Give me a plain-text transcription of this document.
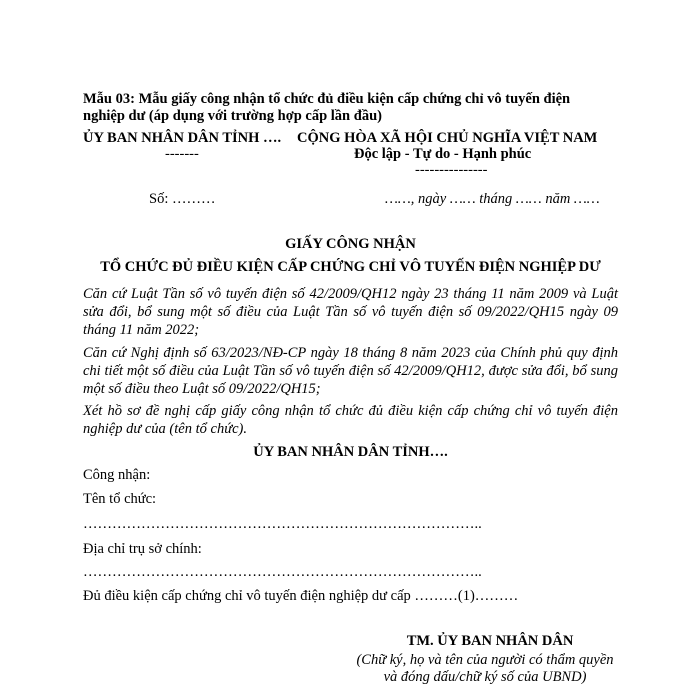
Mẫu 03: Mẫu giấy công nhận tổ chức đủ điều kiện cấp chứng chỉ vô tuyến điện
nghiệp dư (áp dụng với trường hợp cấp lần đầu)
ỦY BAN NHÂN DÂN TỈNH ….
-------
CỘNG HÒA XÃ HỘI CHỦ NGHĨA VIỆT NAM
Độc lập - Tự do - Hạnh phúc
---------------
Số: ………	……, ngày …… tháng …… năm ……
GIẤY CÔNG NHẬN
TỔ CHỨC ĐỦ ĐIỀU KIỆN CẤP CHỨNG CHỈ VÔ TUYẾN ĐIỆN NGHIỆP DƯ
Căn cứ Luật Tần số vô tuyến điện số 42/2009/QH12 ngày 23 tháng 11 năm 2009 và Luật sửa đổi, bổ sung một số điều của Luật Tần số vô tuyến điện số 09/2022/QH15 ngày 09 tháng 11 năm 2022;
Căn cứ Nghị định số 63/2023/NĐ-CP ngày 18 tháng 8 năm 2023 của Chính phủ quy định chi tiết một số điều của Luật Tần số vô tuyến điện số 42/2009/QH12, được sửa đổi, bổ sung một số điều theo Luật số 09/2022/QH15;
Xét hồ sơ đề nghị cấp giấy công nhận tổ chức đủ điều kiện cấp chứng chỉ vô tuyến điện nghiệp dư của (tên tổ chức).
ỦY BAN NHÂN DÂN TỈNH….
Công nhận:
Tên tổ chức:
………………………………………………………………………..
Địa chỉ trụ sở chính:
………………………………………………………………………..
Đủ điều kiện cấp chứng chỉ vô tuyến điện nghiệp dư cấp ………(1)………
TM. ỦY BAN NHÂN DÂN
(Chữ ký, họ và tên của người có thẩm quyền
và đóng dấu/chữ ký số của UBND)
